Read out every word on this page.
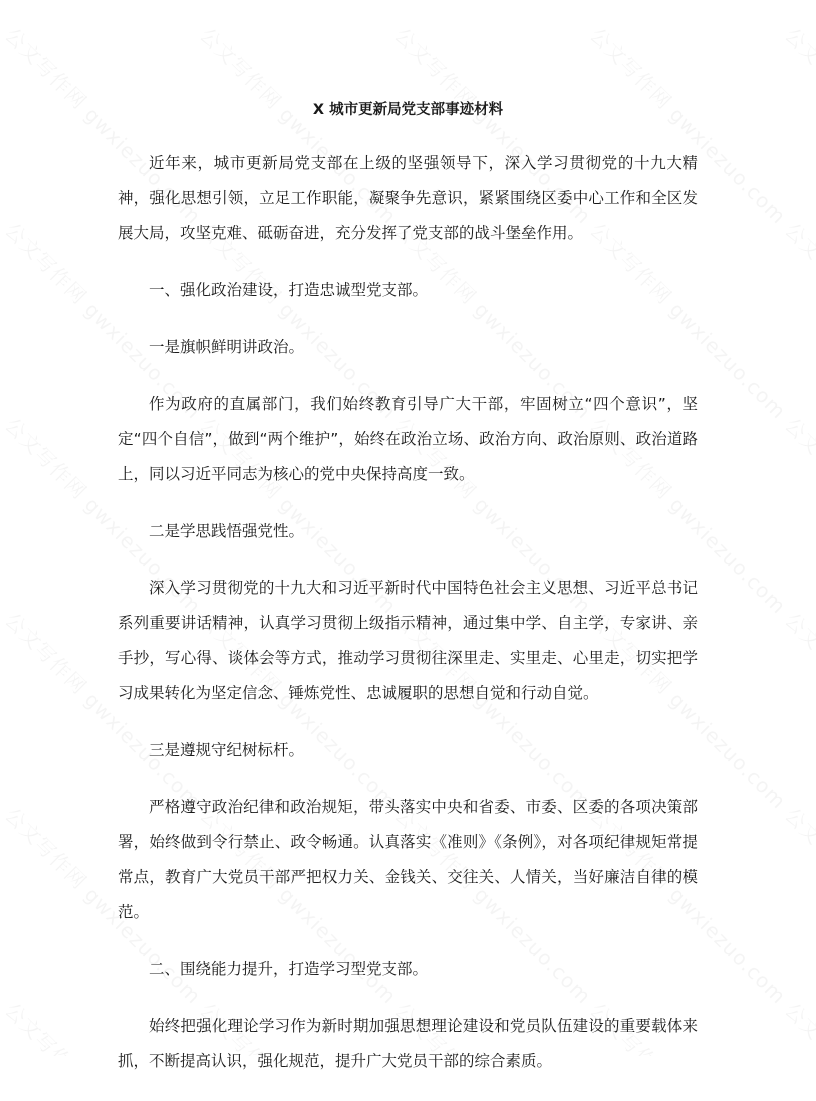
X 城市更新局党支部事迹材料

近年来，城市更新局党支部在上级的坚强领导下，深入学习贯彻党的十九大精神，强化思想引领，立足工作职能，凝聚争先意识，紧紧围绕区委中心工作和全区发展大局，攻坚克难、砥砺奋进，充分发挥了党支部的战斗堡垒作用。

一、强化政治建设，打造忠诚型党支部。

一是旗帜鲜明讲政治。

作为政府的直属部门，我们始终教育引导广大干部，牢固树立“四个意识”，坚定“四个自信”，做到“两个维护”，始终在政治立场、政治方向、政治原则、政治道路上，同以习近平同志为核心的党中央保持高度一致。

二是学思践悟强党性。

深入学习贯彻党的十九大和习近平新时代中国特色社会主义思想、习近平总书记系列重要讲话精神，认真学习贯彻上级指示精神，通过集中学、自主学，专家讲、亲手抄，写心得、谈体会等方式，推动学习贯彻往深里走、实里走、心里走，切实把学习成果转化为坚定信念、锤炼党性、忠诚履职的思想自觉和行动自觉。

三是遵规守纪树标杆。

严格遵守政治纪律和政治规矩，带头落实中央和省委、市委、区委的各项决策部署，始终做到令行禁止、政令畅通。认真落实《准则》《条例》，对各项纪律规矩常提常点，教育广大党员干部严把权力关、金钱关、交往关、人情关，当好廉洁自律的模范。

二、围绕能力提升，打造学习型党支部。

始终把强化理论学习作为新时期加强思想理论建设和党员队伍建设的重要载体来抓，不断提高认识，强化规范，提升广大党员干部的综合素质。
